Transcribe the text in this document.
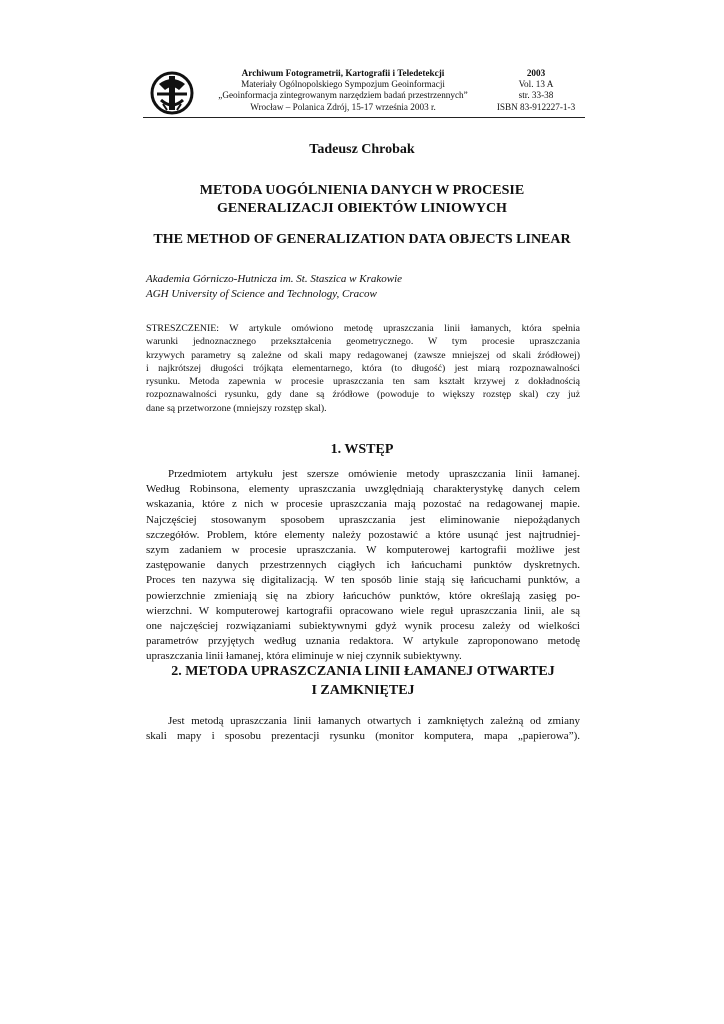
Archiwum Fotogrametrii, Kartografii i Teledetekcji
Materiały Ogólnopolskiego Sympozjum Geoinformacji
„Geoinformacja zintegrowanym narzędziem badań przestrzennych”
Wrocław – Polanica Zdrój, 15-17 września 2003 r.
2003
Vol. 13 A
str. 33-38
ISBN 83-912227-1-3
Tadeusz Chrobak
METODA UOGÓLNIENIA DANYCH W PROCESIE
GENERALIZACJI OBIEKTÓW LINIOWYCH
THE METHOD OF GENERALIZATION DATA OBJECTS LINEAR
Akademia Górniczo-Hutnicza im. St. Staszica w Krakowie
AGH University of Science and Technology, Cracow
STRESZCZENIE: W artykule omówiono metodę upraszczania linii łamanych, która spełnia
warunki jednoznacznego przekształcenia geometrycznego. W tym procesie upraszczania
krzywych parametry są zależne od skali mapy redagowanej (zawsze mniejszej od skali źródłowej)
i najkrótszej długości trójkąta elementarnego, która (to długość) jest miarą rozpoznawalności
rysunku. Metoda zapewnia w procesie upraszczania ten sam kształt krzywej z dokładnością
rozpoznawalności rysunku, gdy dane są źródłowe (powoduje to większy rozstęp skal) czy już
dane są przetworzone (mniejszy rozstęp skal).
1. WSTĘP
Przedmiotem artykułu jest szersze omówienie metody upraszczania linii łamanej.
Według Robinsona, elementy upraszczania uwzględniają charakterystykę danych celem
wskazania, które z nich w procesie upraszczania mają pozostać na redagowanej mapie.
Najczęściej stosowanym sposobem upraszczania jest eliminowanie niepożądanych
szczegółów. Problem, które elementy należy pozostawić a które usunąć jest najtrudniej-
szym zadaniem w procesie upraszczania. W komputerowej kartografii możliwe jest
zastępowanie danych przestrzennych ciągłych ich łańcuchami punktów dyskretnych.
Proces ten nazywa się digitalizacją. W ten sposób linie stają się łańcuchami punktów, a
powierzchnie zmieniają się na zbiory łańcuchów punktów, które określają zasięg po-
wierzchni. W komputerowej kartografii opracowano wiele reguł upraszczania linii, ale są
one najczęściej rozwiązaniami subiektywnymi gdyż wynik procesu zależy od wielkości
parametrów przyjętych według uznania redaktora. W artykule zaproponowano metodę
upraszczania linii łamanej, która eliminuje w niej czynnik subiektywny.
2. METODA UPRASZCZANIA LINII ŁAMANEJ OTWARTEJ
I ZAMKNIĘTEJ
Jest metodą upraszczania linii łamanych otwartych i zamkniętych zależną od zmiany
skali mapy i sposobu prezentacji rysunku (monitor komputera, mapa „papierowa”).
